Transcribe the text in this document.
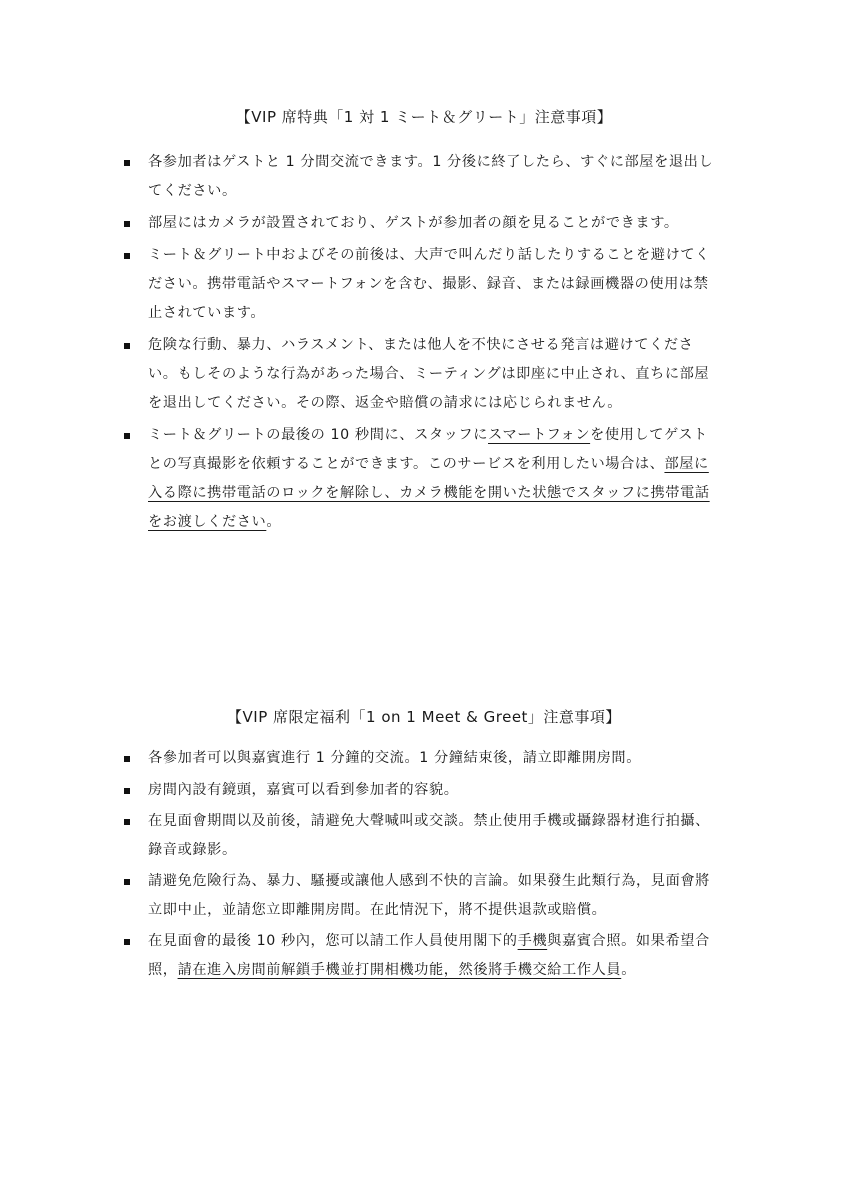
【VIP 席特典「1 対 1 ミート＆グリート」注意事項】
各参加者はゲストと 1 分間交流できます。1 分後に終了したら、すぐに部屋を退出してください。
部屋にはカメラが設置されており、ゲストが参加者の顔を見ることができます。
ミート＆グリート中およびその前後は、大声で叫んだり話したりすることを避けてください。携帯電話やスマートフォンを含む、撮影、録音、または録画機器の使用は禁止されています。
危険な行動、暴力、ハラスメント、または他人を不快にさせる発言は避けてください。もしそのような行為があった場合、ミーティングは即座に中止され、直ちに部屋を退出してください。その際、返金や賠償の請求には応じられません。
ミート＆グリートの最後の 10 秒間に、スタッフにスマートフォンを使用してゲストとの写真撮影を依頼することができます。このサービスを利用したい場合は、部屋に入る際に携帯電話のロックを解除し、カメラ機能を開いた状態でスタッフに携帯電話をお渡しください。
【VIP 席限定福利「1 on 1 Meet & Greet」注意事項】
各參加者可以與嘉賓進行 1 分鐘的交流。1 分鐘結束後，請立即離開房間。
房間內設有鏡頭，嘉賓可以看到參加者的容貌。
在見面會期間以及前後，請避免大聲喊叫或交談。禁止使用手機或攝錄器材進行拍攝、錄音或錄影。
請避免危險行為、暴力、騷擾或讓他人感到不快的言論。如果發生此類行為，見面會將立即中止，並請您立即離開房間。在此情況下，將不提供退款或賠償。
在見面會的最後 10 秒內，您可以請工作人員使用閣下的手機與嘉賓合照。如果希望合照，請在進入房間前解鎖手機並打開相機功能，然後將手機交給工作人員。
